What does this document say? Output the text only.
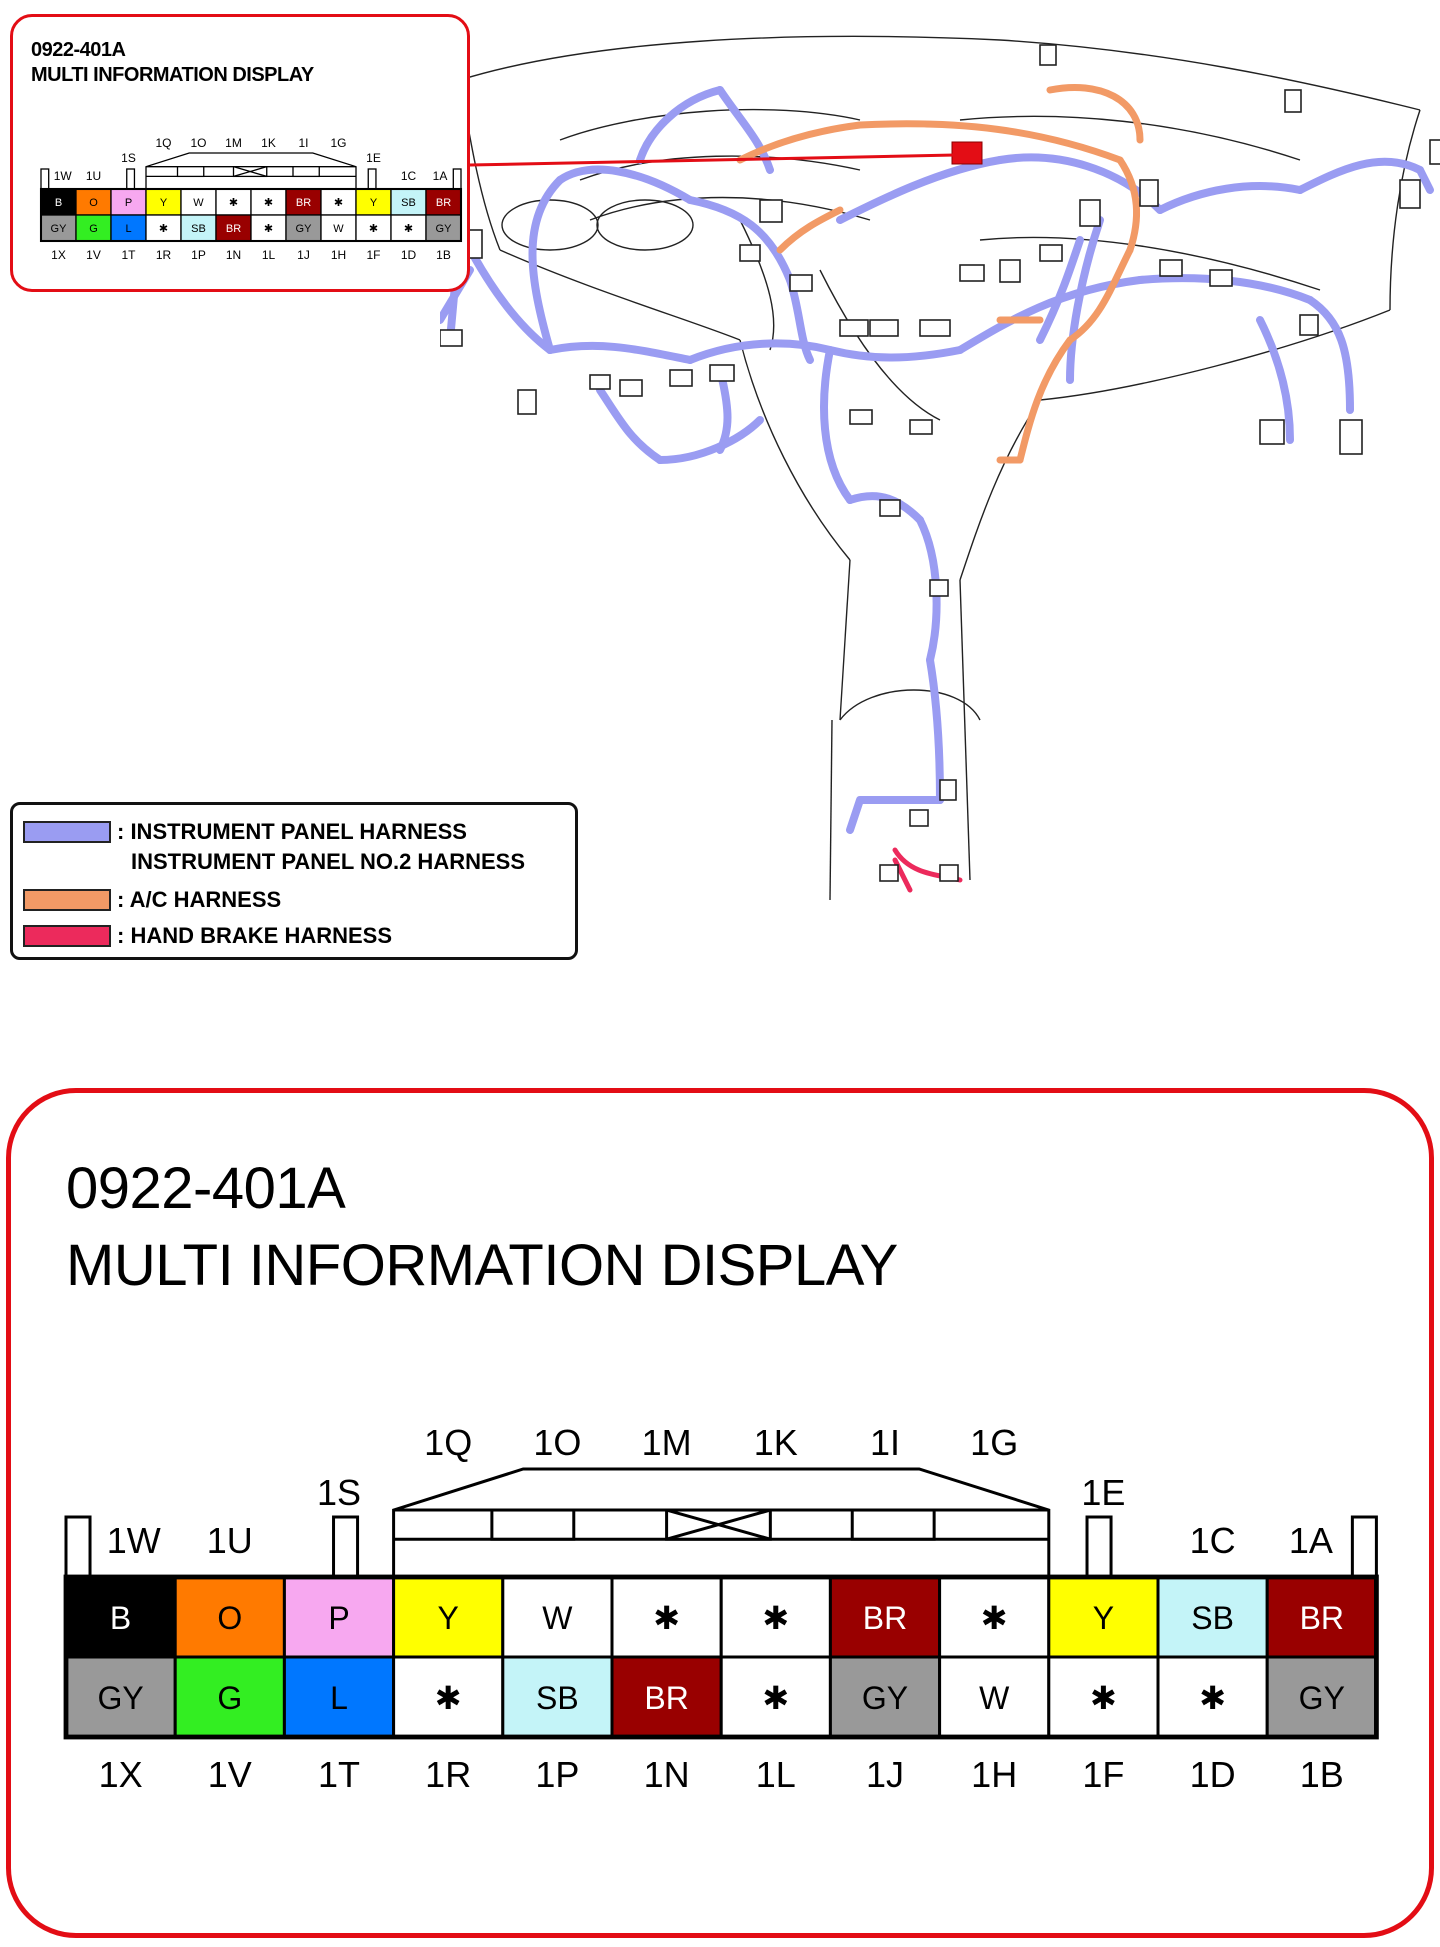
0922-401A
MULTI INFORMATION DISPLAY
B O P	Y W ✱ ✱ BR ✱ Y SB BR
GY G	L ✱ SB BR ✱ GY W ✱ ✱ GY
1W 1U
1S
1Q 1O 1M 1K 1I 1G
1E
1C 1A
1X 1V 1T 1R 1P 1N 1L 1J 1H 1F 1D 1B
: INSTRUMENT PANEL HARNESS
INSTRUMENT PANEL NO.2 HARNESS
: A/C HARNESS
: HAND BRAKE HARNESS
0922-401A
MULTI INFORMATION DISPLAY
B	O	P	Y	W	✱	✱ BR ✱	Y SB BR
GY G	L	✱ SB BR ✱ GY W	✱	✱ GY
1W 1U
1S
1Q 1O 1M 1K 1I 1G
1E
1C 1A
1X 1V 1T 1R 1P 1N 1L 1J 1H 1F 1D 1B
